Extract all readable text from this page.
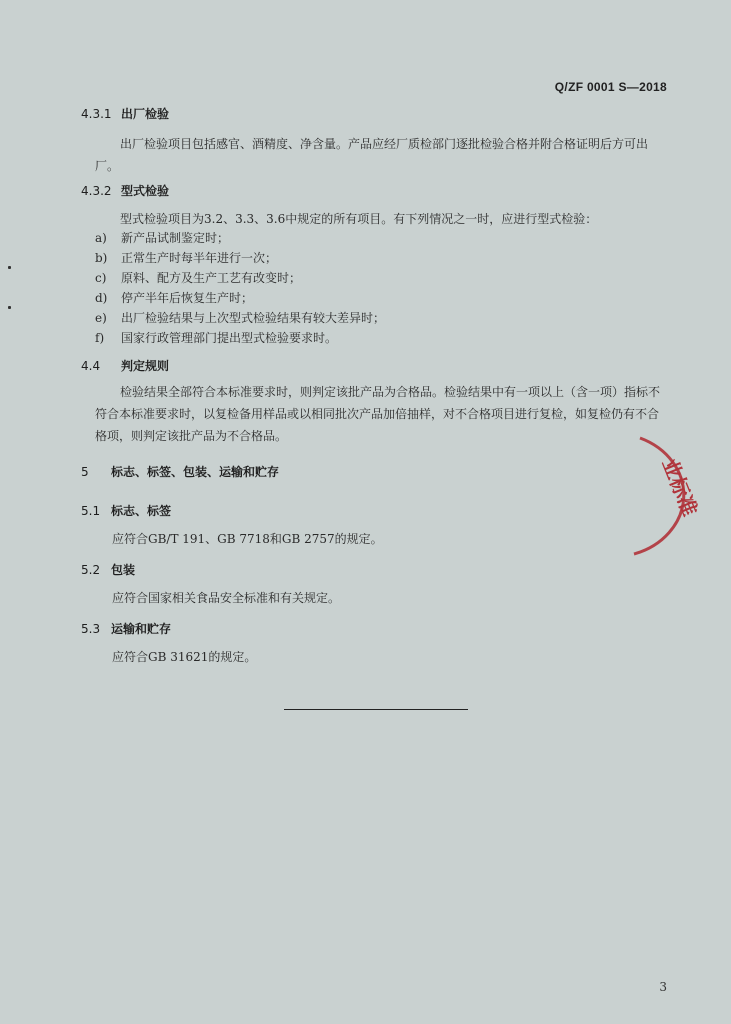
Q/ZF 0001 S—2018
4.3.1 出厂检验
出厂检验项目包括感官、酒精度、净含量。产品应经厂质检部门逐批检验合格并附合格证明后方可出厂。
4.3.2 型式检验
型式检验项目为3.2、3.3、3.6中规定的所有项目。有下列情况之一时，应进行型式检验：
a) 新产品试制鉴定时；
b) 正常生产时每半年进行一次；
c) 原料、配方及生产工艺有改变时；
d) 停产半年后恢复生产时；
e) 出厂检验结果与上次型式检验结果有较大差异时；
f) 国家行政管理部门提出型式检验要求时。
4.4 判定规则
检验结果全部符合本标准要求时，则判定该批产品为合格品。检验结果中有一项以上（含一项）指标不符合本标准要求时，以复检备用样品或以相同批次产品加倍抽样，对不合格项目进行复检，如复检仍有不合格项，则判定该批产品为不合格品。
5 标志、标签、包装、运输和贮存
5.1 标志、标签
应符合GB/T 191、GB 7718和GB 2757的规定。
5.2 包装
应符合国家相关食品安全标准和有关规定。
5.3 运输和贮存
应符合GB 31621的规定。
业标准
3
